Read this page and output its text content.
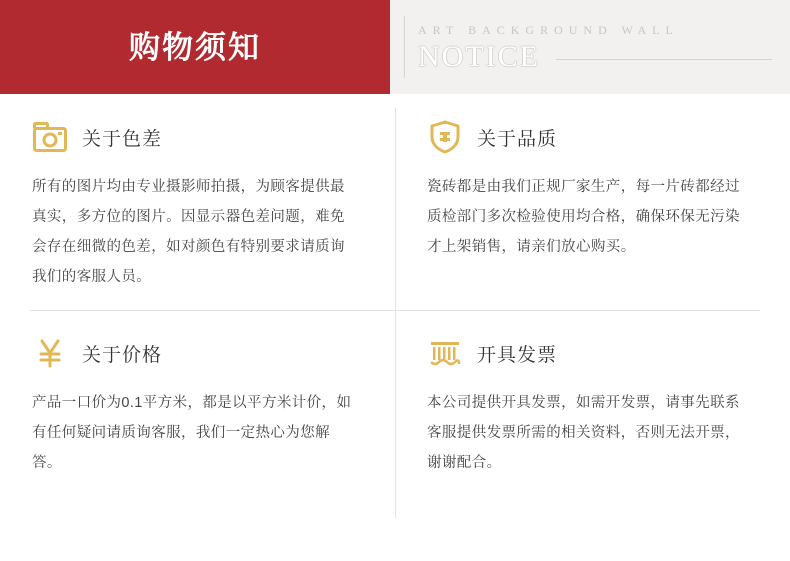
购物须知	ART BACKGROUND WALL
NOTICE
关于色差
所有的图片均由专业摄影师拍摄，为顾客提供最真实，多方位的图片。因显示器色差问题，难免会存在细微的色差，如对颜色有特别要求请质询我们的客服人员。
关于品质
瓷砖都是由我们正规厂家生产，每一片砖都经过质检部门多次检验使用均合格，确保环保无污染才上架销售，请亲们放心购买。
关于价格
产品一口价为0.1平方米，都是以平方米计价，如有任何疑问请质询客服，我们一定热心为您解答。
开具发票
本公司提供开具发票，如需开发票，请事先联系客服提供发票所需的相关资料，否则无法开票，谢谢配合。
